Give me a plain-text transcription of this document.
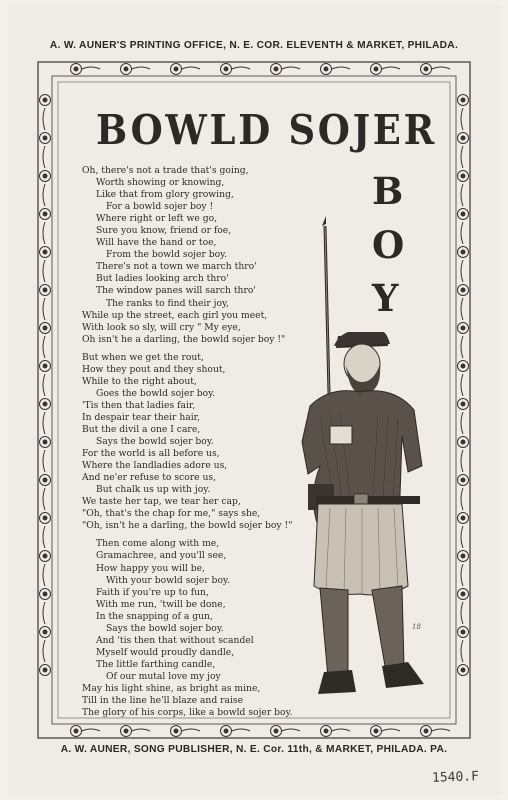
A. W. AUNER'S PRINTING OFFICE, N. E. COR. ELEVENTH & MARKET, PHILADA.
BOWLD SOJER
B
O
Y
Oh, there's not a trade that's going,
Worth showing or knowing,
Like that from glory growing,
For a bowld sojer boy !
Where right or left we go,
Sure you know, friend or foe,
Will have the hand or toe,
From the bowld sojer boy.
There's not a town we march thro'
But ladies looking arch thro'
The window panes will sarch thro'
The ranks to find their joy,
While up the street, each girl you meet,
With look so sly, will cry " My eye,
Oh isn't he a darling, the bowld sojer boy !"
But when we get the rout,
How they pout and they shout,
While to the right about,
Goes the bowld sojer boy.
'Tis then that ladies fair,
In despair tear their hair,
But the divil a one I care,
Says the bowld sojer boy.
For the world is all before us,
Where the landladies adore us,
And ne'er refuse to score us,
But chalk us up with joy.
We taste her tap, we tear her cap,
"Oh, that's the chap for me," says she,
"Oh, isn't he a darling, the bowld sojer boy !"
Then come along with me,
Gramachree, and you'll see,
How happy you will be,
With your bowld sojer boy.
Faith if you're up to fun,
With me run, 'twill be done,
In the snapping of a gun,
Says the bowld sojer boy.
And 'tis then that without scandel
Myself would proudly dandle,
The little farthing candle,
Of our mutal love my joy
May his light shine, as bright as mine,
Till in the line he'll blaze and raise
The glory of his corps, like a bowld sojer boy.
18
A. W. AUNER, SONG PUBLISHER, N. E. Cor. 11th, & MARKET, PHILADA. PA.
1540.F
